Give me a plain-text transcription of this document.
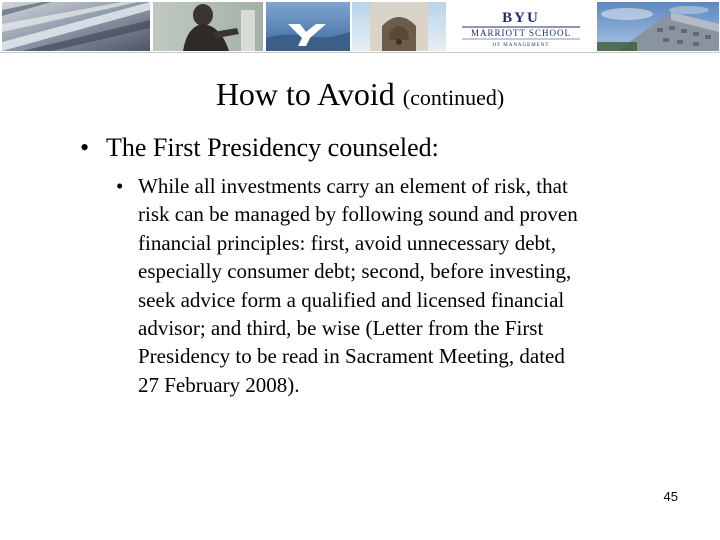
BYU
MARRIOTT SCHOOL
OF MANAGEMENT
How to Avoid (continued)
• The First Presidency counseled:
• While all investments carry an element of risk, that
risk can be managed by following sound and proven
financial principles: first, avoid unnecessary debt,
especially consumer debt; second, before investing,
seek advice form a qualified and licensed financial
advisor; and third, be wise (Letter from the First
Presidency to be read in Sacrament Meeting, dated
27 February 2008).
45
